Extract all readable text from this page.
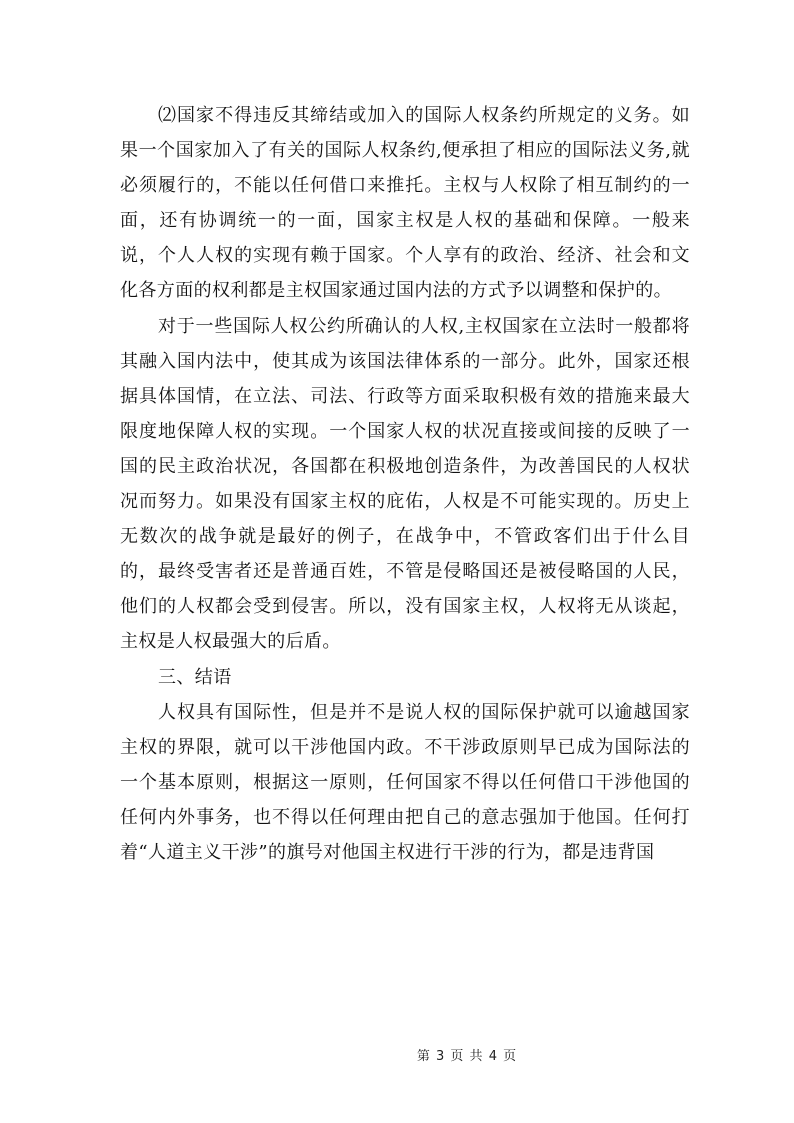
⑵国家不得违反其缔结或加入的国际人权条约所规定的义务。如果一个国家加入了有关的国际人权条约,便承担了相应的国际法义务,就必须履行的，不能以任何借口来推托。主权与人权除了相互制约的一面，还有协调统一的一面，国家主权是人权的基础和保障。一般来说，个人人权的实现有赖于国家。个人享有的政治、经济、社会和文化各方面的权利都是主权国家通过国内法的方式予以调整和保护的。

对于一些国际人权公约所确认的人权,主权国家在立法时一般都将其融入国内法中，使其成为该国法律体系的一部分。此外，国家还根据具体国情，在立法、司法、行政等方面采取积极有效的措施来最大限度地保障人权的实现。一个国家人权的状况直接或间接的反映了一国的民主政治状况，各国都在积极地创造条件，为改善国民的人权状况而努力。如果没有国家主权的庇佑，人权是不可能实现的。历史上无数次的战争就是最好的例子，在战争中，不管政客们出于什么目的，最终受害者还是普通百姓，不管是侵略国还是被侵略国的人民，他们的人权都会受到侵害。所以，没有国家主权，人权将无从谈起，主权是人权最强大的后盾。

三、结语

人权具有国际性，但是并不是说人权的国际保护就可以逾越国家主权的界限，就可以干涉他国内政。不干涉政原则早已成为国际法的一个基本原则，根据这一原则，任何国家不得以任何借口干涉他国的任何内外事务，也不得以任何理由把自己的意志强加于他国。任何打着“人道主义干涉”的旗号对他国主权进行干涉的行为，都是违背国

第 3 页 共 4 页
